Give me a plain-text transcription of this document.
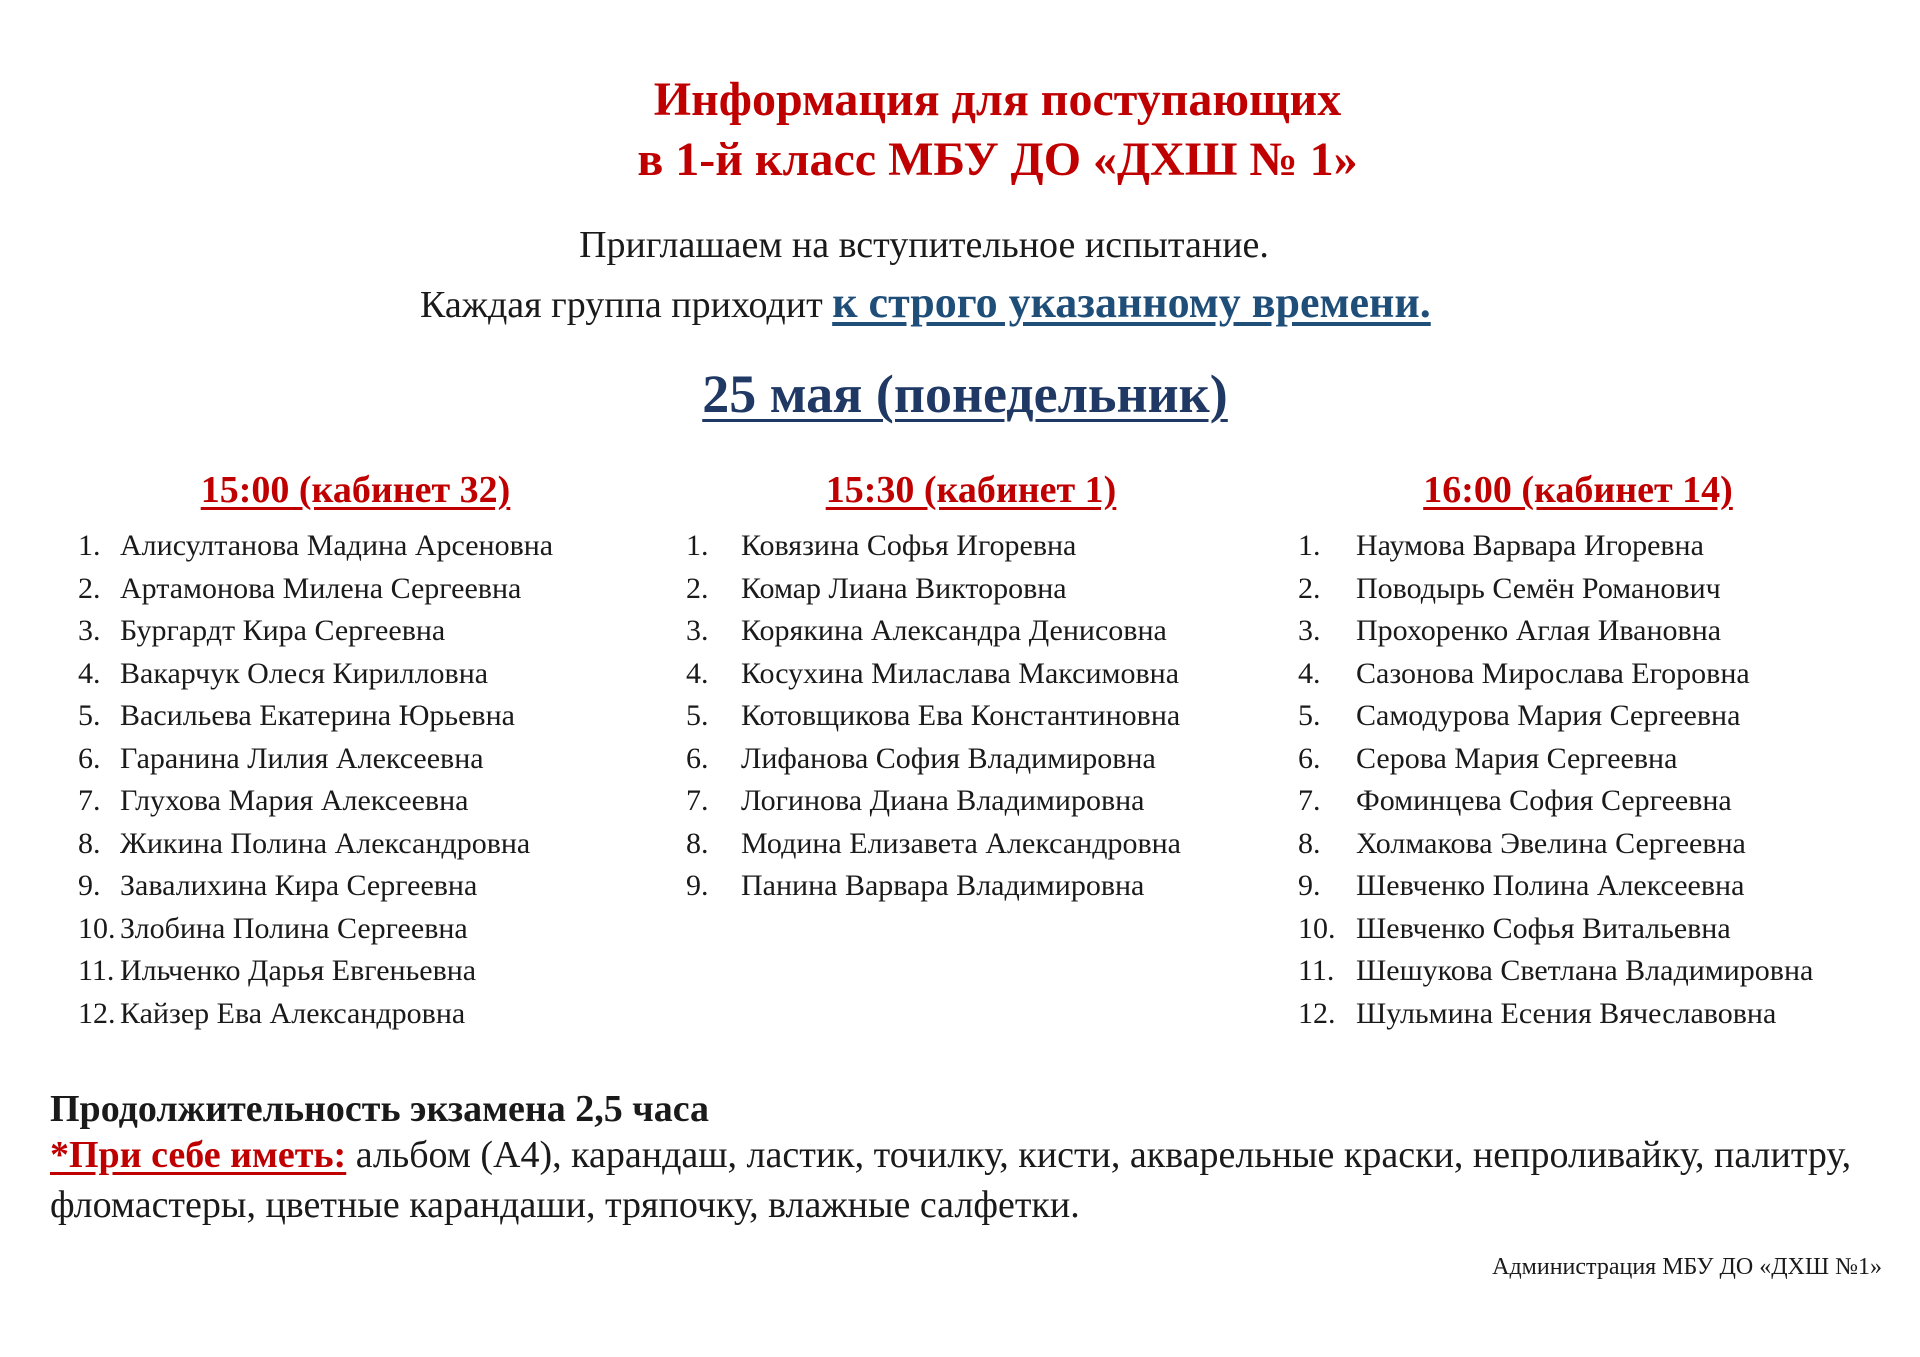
Информация для поступающих
в 1-й класс МБУ ДО «ДХШ № 1»
Приглашаем на вступительное испытание.
Каждая группа приходит к строго указанному времени.
25 мая (понедельник)
15:00 (кабинет 32)
1. Алисултанова Мадина Арсеновна
2. Артамонова Милена Сергеевна
3. Бургардт Кира Сергеевна
4. Вакарчук Олеся Кирилловна
5. Васильева Екатерина Юрьевна
6. Гаранина Лилия Алексеевна
7. Глухова Мария Алексеевна
8. Жикина Полина Александровна
9. Завалихина Кира Сергеевна
10. Злобина Полина Сергеевна
11. Ильченко Дарья Евгеньевна
12. Кайзер Ева Александровна
15:30 (кабинет 1)
1.	Ковязина Софья Игоревна
2.	Комар Лиана Викторовна
3.	Корякина Александра Денисовна
4.	Косухина Миласлава Максимовна
5.	Котовщикова Ева Константиновна
6.	Лифанова София Владимировна
7.	Логинова Диана Владимировна
8.	Модина Елизавета Александровна
9.	Панина Варвара Владимировна
16:00 (кабинет 14)
1.	Наумова Варвара Игоревна
2.	Поводырь Семён Романович
3.	Прохоренко Аглая Ивановна
4.	Сазонова Мирослава Егоровна
5.	Самодурова Мария Сергеевна
6.	Серова Мария Сергеевна
7.	Фоминцева София Сергеевна
8.	Холмакова Эвелина Сергеевна
9.	Шевченко Полина Алексеевна
10. Шевченко Софья Витальевна
11. Шешукова Светлана Владимировна
12. Шульмина Есения Вячеславовна
Продолжительность экзамена 2,5 часа
*При себе иметь: альбом (А4), карандаш, ластик, точилку, кисти, акварельные краски, непроливайку, палитру, фломастеры, цветные карандаши, тряпочку, влажные салфетки.
Администрация МБУ ДО «ДХШ №1»
